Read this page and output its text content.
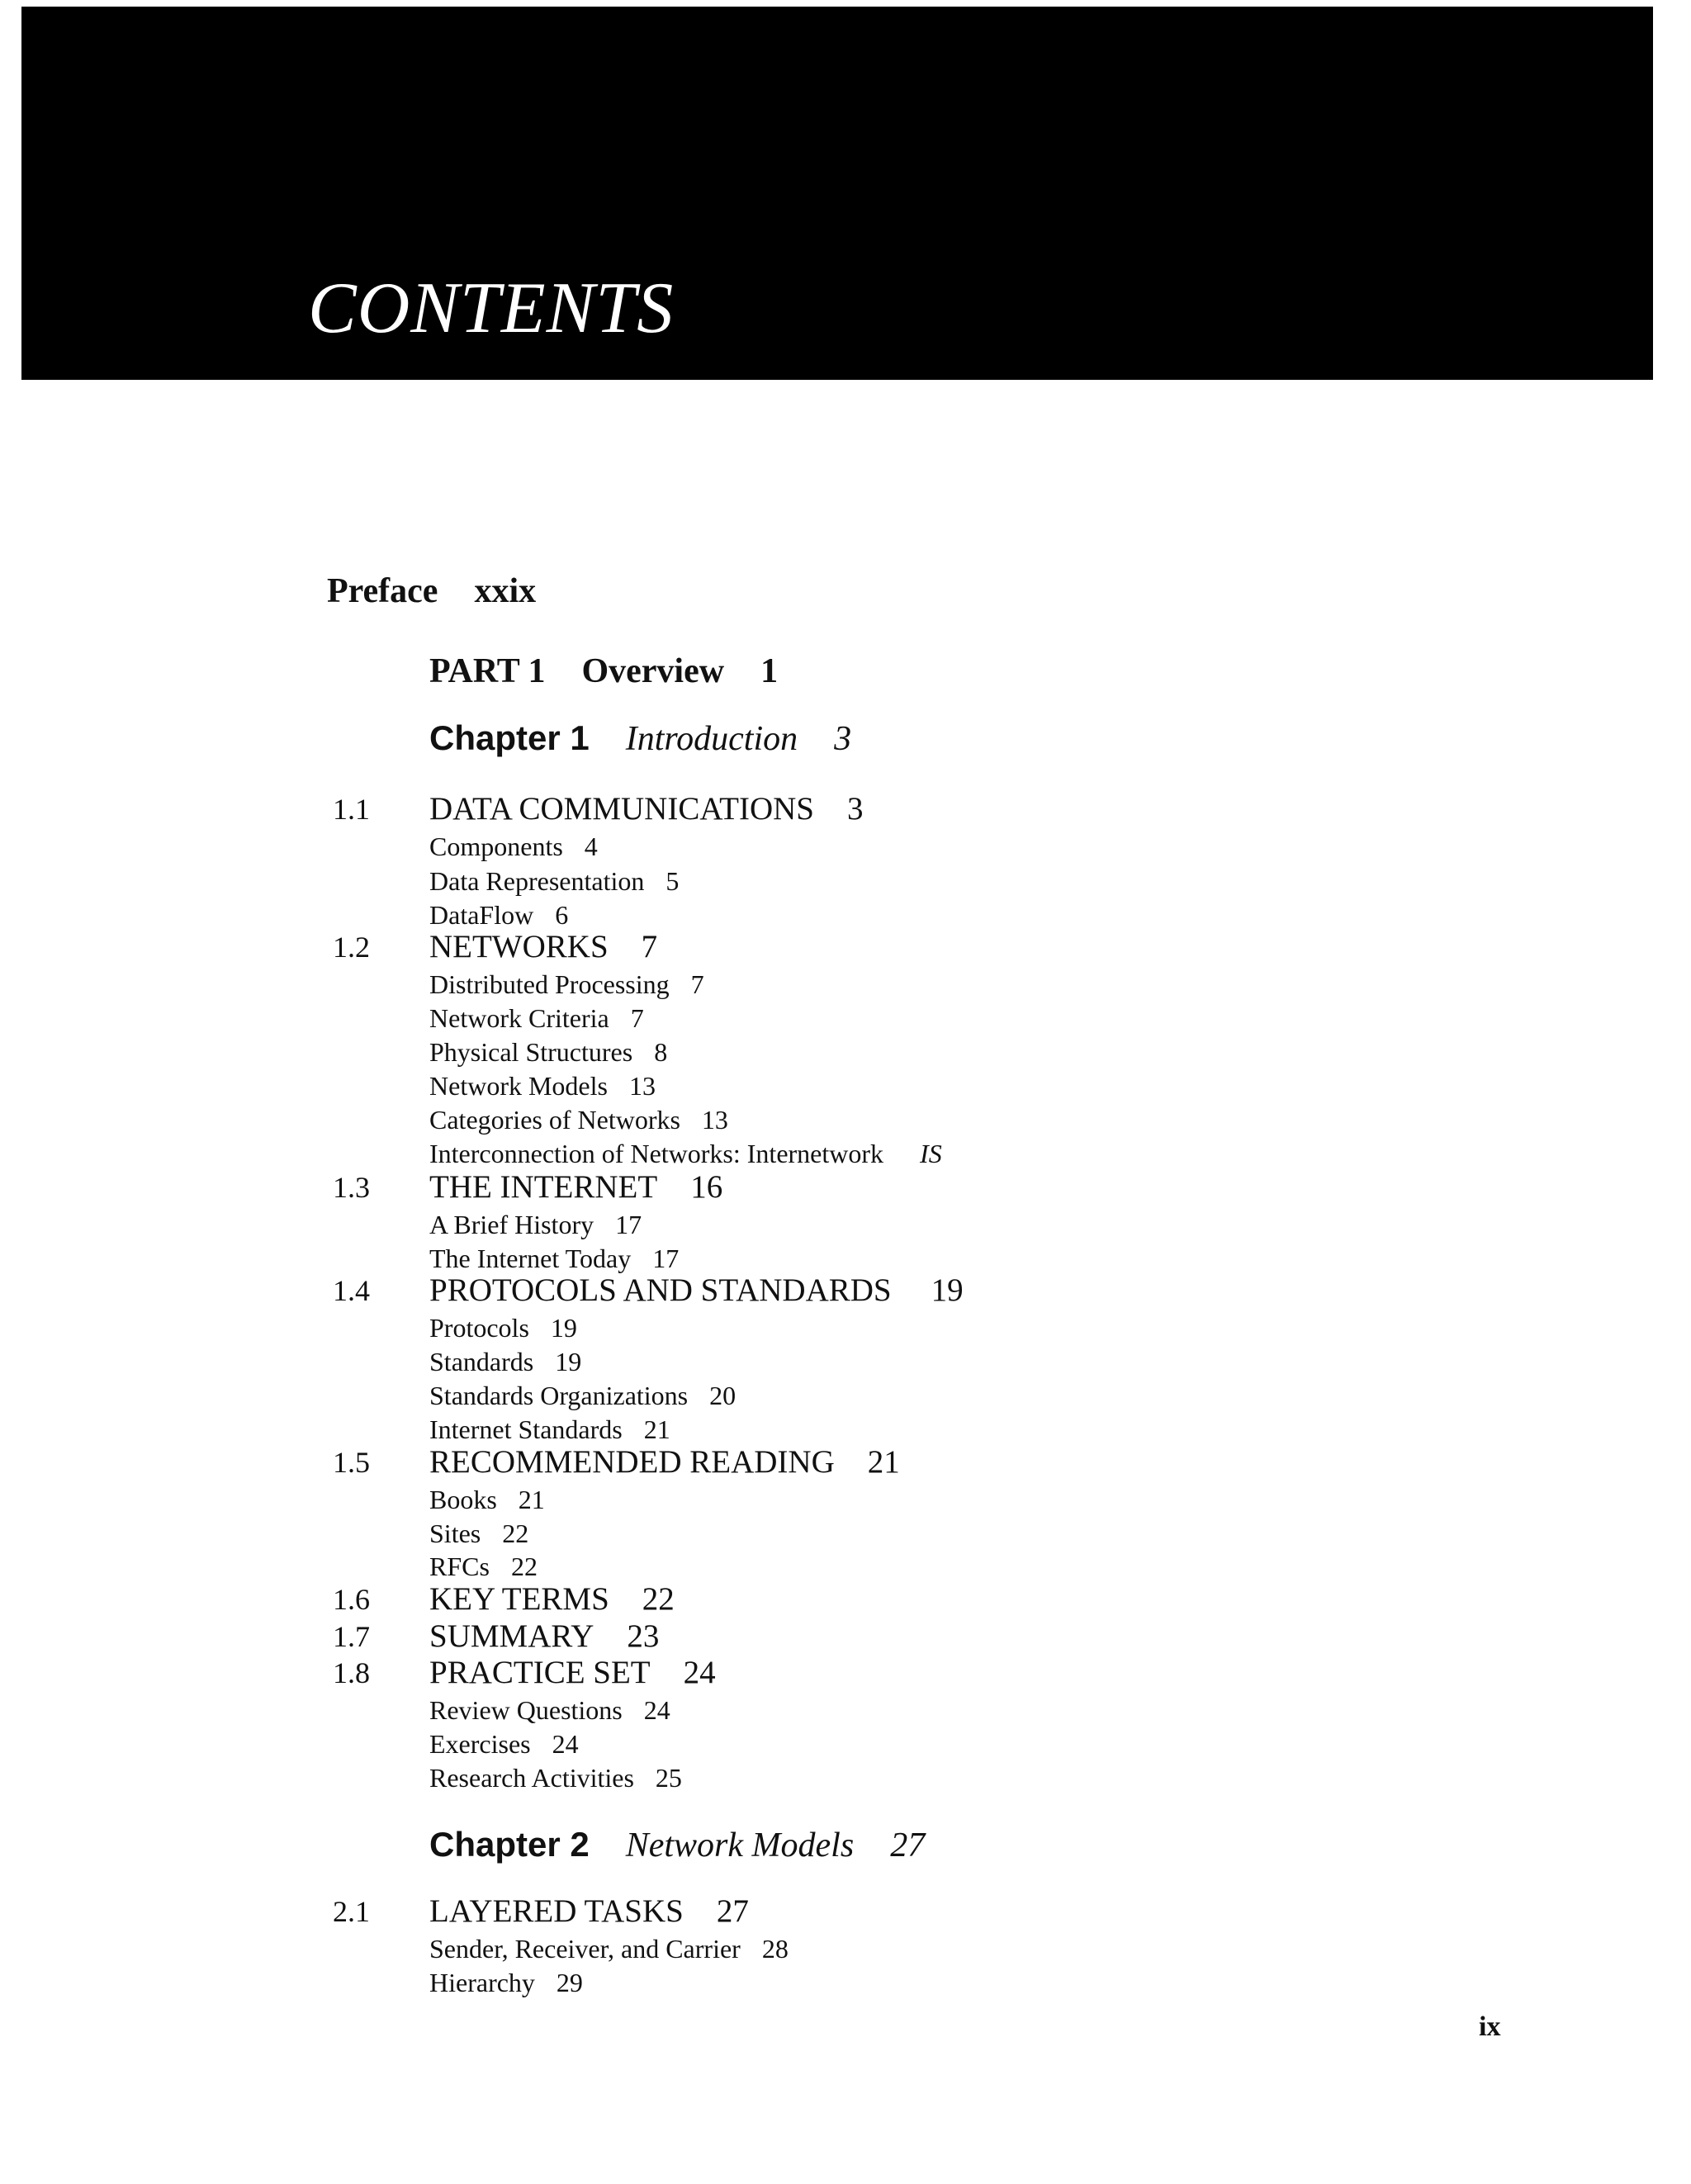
CONTENTS
Preface xxix
PART 1 Overview 1
Chapter 1 Introduction 3
1.1 DATA COMMUNICATIONS 3
Components 4
Data Representation 5
DataFlow 6
1.2 NETWORKS 7
Distributed Processing 7
Network Criteria 7
Physical Structures 8
Network Models 13
Categories of Networks 13
Interconnection of Networks: Internetwork IS
1.3 THE INTERNET 16
A Brief History 17
The Internet Today 17
1.4 PROTOCOLS AND STANDARDS 19
Protocols 19
Standards 19
Standards Organizations 20
Internet Standards 21
1.5 RECOMMENDED READING 21
Books 21
Sites 22
RFCs 22
1.6 KEY TERMS 22
1.7 SUMMARY 23
1.8 PRACTICE SET 24
Review Questions 24
Exercises 24
Research Activities 25
Chapter 2 Network Models 27
2.1 LAYERED TASKS 27
Sender, Receiver, and Carrier 28
Hierarchy 29
ix
